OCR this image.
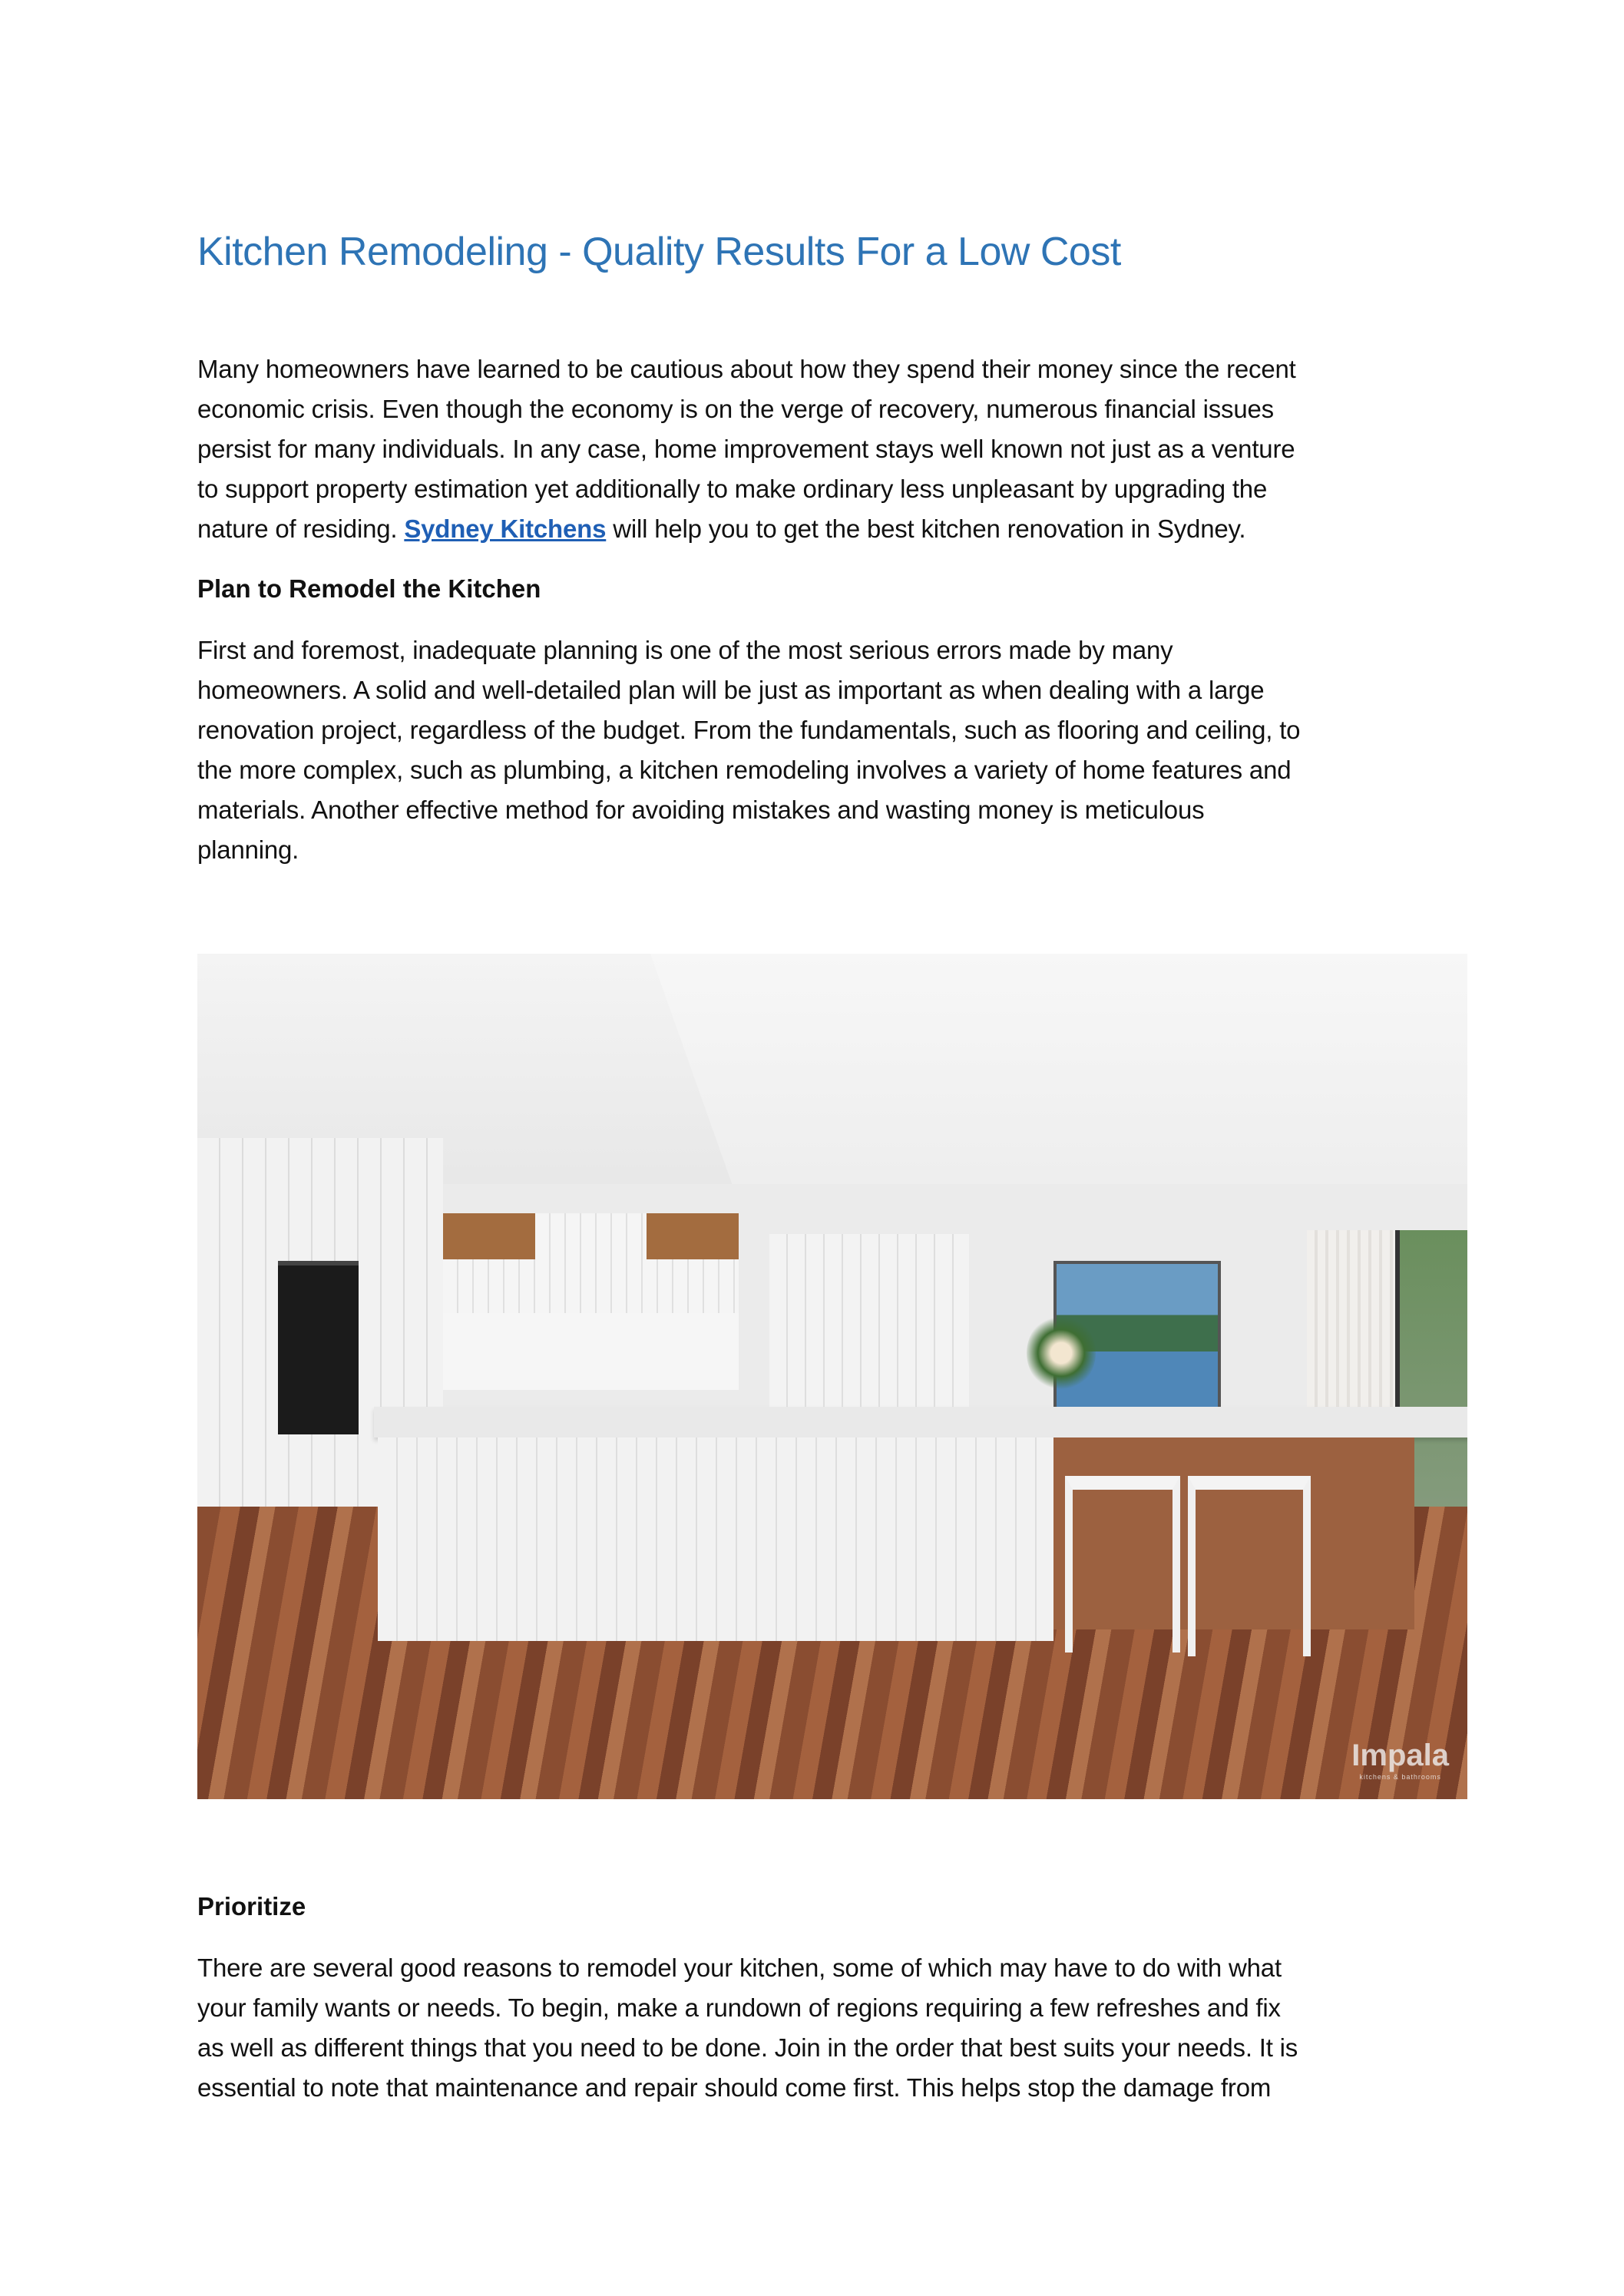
Kitchen Remodeling - Quality Results For a Low Cost
Many homeowners have learned to be cautious about how they spend their money since the recent
economic crisis. Even though the economy is on the verge of recovery, numerous financial issues
persist for many individuals. In any case, home improvement stays well known not just as a venture
to support property estimation yet additionally to make ordinary less unpleasant by upgrading the
nature of residing. Sydney Kitchens will help you to get the best kitchen renovation in Sydney.
Plan to Remodel the Kitchen
First and foremost, inadequate planning is one of the most serious errors made by many
homeowners. A solid and well-detailed plan will be just as important as when dealing with a large
renovation project, regardless of the budget. From the fundamentals, such as flooring and ceiling, to
the more complex, such as plumbing, a kitchen remodeling involves a variety of home features and
materials. Another effective method for avoiding mistakes and wasting money is meticulous
planning.
Impala
kitchens & bathrooms
Prioritize
There are several good reasons to remodel your kitchen, some of which may have to do with what
your family wants or needs. To begin, make a rundown of regions requiring a few refreshes and fix
as well as different things that you need to be done. Join in the order that best suits your needs. It is
essential to note that maintenance and repair should come first. This helps stop the damage from
